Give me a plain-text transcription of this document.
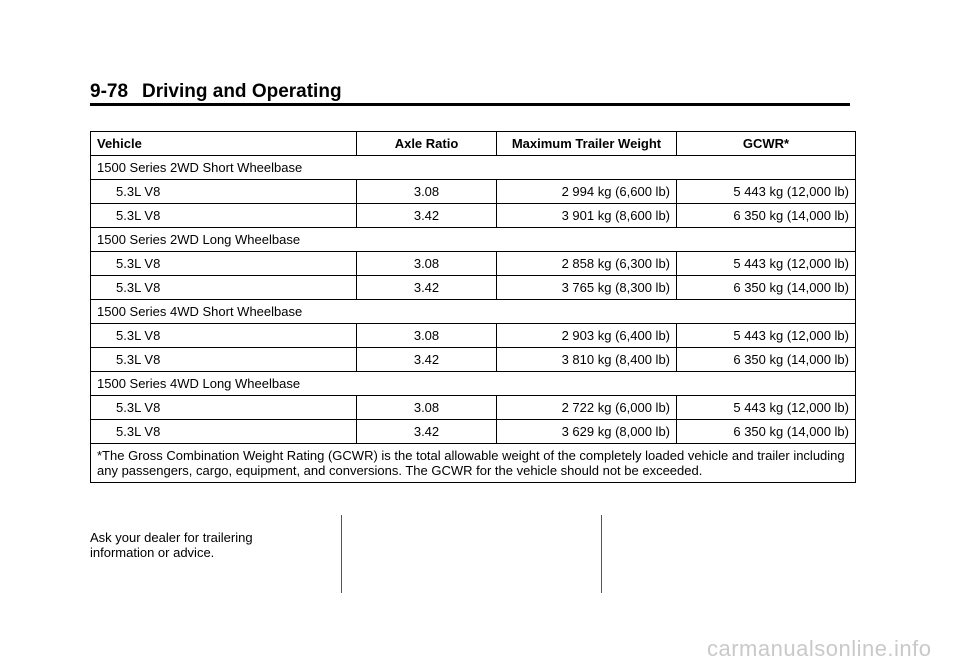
9-78 Driving and Operating
Vehicle	Axle Ratio	Maximum Trailer Weight	GCWR*
1500 Series 2WD Short Wheelbase			
5.3L V8	3.08	2 994 kg (6,600 lb)	5 443 kg (12,000 lb)
5.3L V8	3.42	3 901 kg (8,600 lb)	6 350 kg (14,000 lb)
1500 Series 2WD Long Wheelbase			
5.3L V8	3.08	2 858 kg (6,300 lb)	5 443 kg (12,000 lb)
5.3L V8	3.42	3 765 kg (8,300 lb)	6 350 kg (14,000 lb)
1500 Series 4WD Short Wheelbase			
5.3L V8	3.08	2 903 kg (6,400 lb)	5 443 kg (12,000 lb)
5.3L V8	3.42	3 810 kg (8,400 lb)	6 350 kg (14,000 lb)
1500 Series 4WD Long Wheelbase			
5.3L V8	3.08	2 722 kg (6,000 lb)	5 443 kg (12,000 lb)
5.3L V8	3.42	3 629 kg (8,000 lb)	6 350 kg (14,000 lb)
*The Gross Combination Weight Rating (GCWR) is the total allowable weight of the completely loaded vehicle and trailer including any passengers, cargo, equipment, and conversions. The GCWR for the vehicle should not be exceeded.			
Ask your dealer for trailering information or advice.
carmanualsonline.info
